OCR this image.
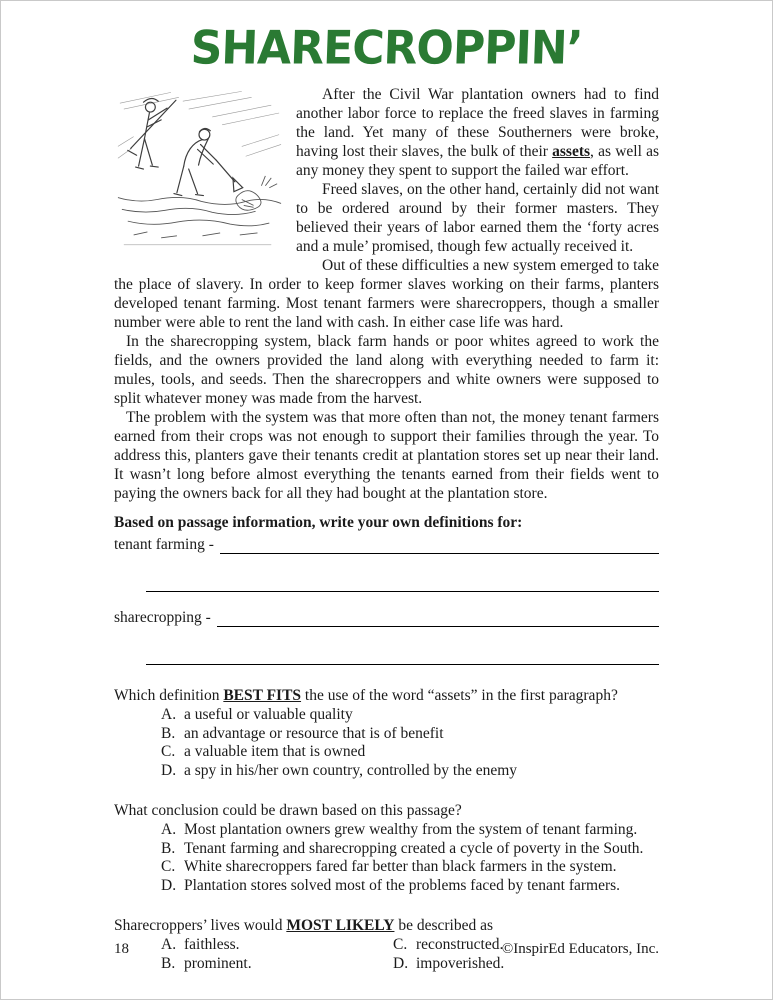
SHARECROPPIN’

After the Civil War plantation owners had to find another labor force to replace the freed slaves in farming the land. Yet many of these Southerners were broke, having lost their slaves, the bulk of their assets, as well as any money they spent to support the failed war effort.

Freed slaves, on the other hand, certainly did not want to be ordered around by their former masters. They believed their years of labor earned them the ‘forty acres and a mule’ promised, though few actually received it.

Out of these difficulties a new system emerged to take the place of slavery. In order to keep former slaves working on their farms, planters developed tenant farming. Most tenant farmers were sharecroppers, though a smaller number were able to rent the land with cash. In either case life was hard.

In the sharecropping system, black farm hands or poor whites agreed to work the fields, and the owners provided the land along with everything needed to farm it: mules, tools, and seeds. Then the sharecroppers and white owners were supposed to split whatever money was made from the harvest.

The problem with the system was that more often than not, the money tenant farmers earned from their crops was not enough to support their families through the year. To address this, planters gave their tenants credit at plantation stores set up near their land. It wasn’t long before almost everything the tenants earned from their fields went to paying the owners back for all they had bought at the plantation store.

Based on passage information, write your own definitions for:

tenant farming -
sharecropping -

Which definition BEST FITS the use of the word “assets” in the first paragraph?

A. a useful or valuable quality
B. an advantage or resource that is of benefit
C. a valuable item that is owned
D. a spy in his/her own country, controlled by the enemy

What conclusion could be drawn based on this passage?

A. Most plantation owners grew wealthy from the system of tenant farming.
B. Tenant farming and sharecropping created a cycle of poverty in the South.
C. White sharecroppers fared far better than black farmers in the system.
D. Plantation stores solved most of the problems faced by tenant farmers.

Sharecroppers’ lives would MOST LIKELY be described as

A. faithless.	C. reconstructed.
B. prominent.	D. impoverished.
18	©InspirEd Educators, Inc.
